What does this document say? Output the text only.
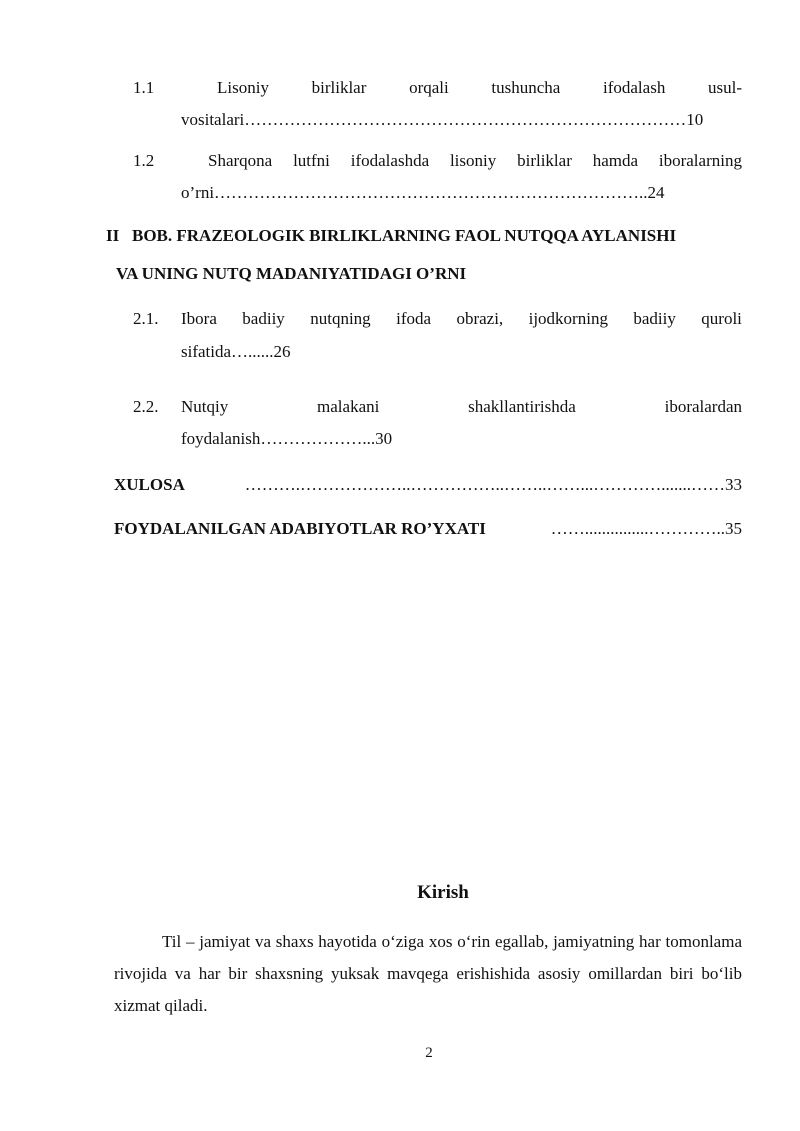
1.1	Lisoniy	birliklar	orqali	tushuncha	ifodalash	usul-
vositalari……………………………………………………………………10
1.2	Sharqona lutfni ifodalashda lisoniy birliklar hamda iboralarning
o’rni…………………………………………………………………..24
II   BOB. FRAZEOLOGIK BIRLIKLARNING FAOL NUTQQA AYLANISHI
VA UNING NUTQ MADANIYATIDAGI O’RNI
2.1. Ibora badiiy nutqning ifoda obrazi, ijodkorning badiiy quroli
sifatida…......26
2.2. Nutqiy	malakani	shakllantirishda	iboralardan
foydalanish………………...30
XULOSA	……….………………..……………..……..……...………….......……33
FOYDALANILGAN ADABIYOTLAR RO’YXATI	……...............…………..35
Kirish
Til – jamiyat va shaxs hayotida o‘ziga xos o‘rin egallab, jamiyatning har tomonlama rivojida va har bir shaxsning yuksak mavqega erishishida asosiy omillardan biri bo‘lib xizmat qiladi.
2
